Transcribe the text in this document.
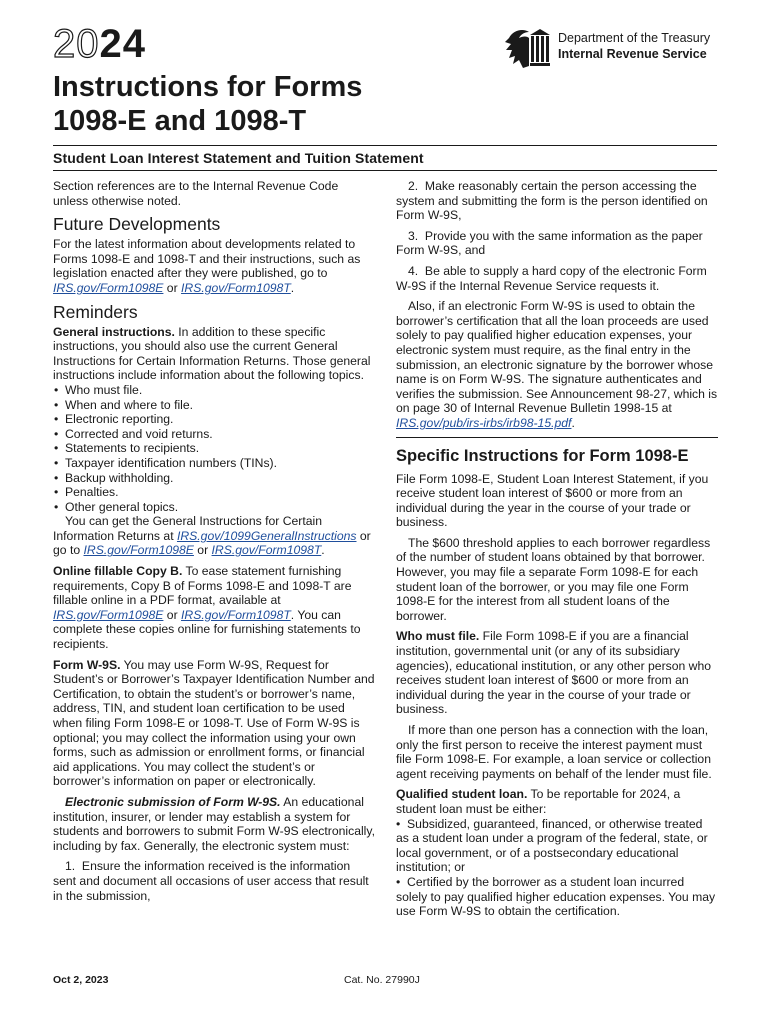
2024	Department of the Treasury
Internal Revenue Service
Instructions for Forms
1098-E and 1098-T
Student Loan Interest Statement and Tuition Statement

Section references are to the Internal Revenue Code unless otherwise noted.

Future Developments

For the latest information about developments related to Forms 1098-E and 1098-T and their instructions, such as legislation enacted after they were published, go to IRS.gov/Form1098E or IRS.gov/Form1098T.

Reminders

General instructions. In addition to these specific instructions, you should also use the current General Instructions for Certain Information Returns. Those general instructions include information about the following topics.

• Who must file.
• When and where to file.
• Electronic reporting.
• Corrected and void returns.
• Statements to recipients.
• Taxpayer identification numbers (TINs).
• Backup withholding.
• Penalties.
• Other general topics.

You can get the General Instructions for Certain Information Returns at IRS.gov/1099GeneralInstructions or go to IRS.gov/Form1098E or IRS.gov/Form1098T.

Online fillable Copy B. To ease statement furnishing requirements, Copy B of Forms 1098-E and 1098-T are fillable online in a PDF format, available at IRS.gov/Form1098E or IRS.gov/Form1098T. You can complete these copies online for furnishing statements to recipients.

Form W-9S. You may use Form W-9S, Request for Student’s or Borrower’s Taxpayer Identification Number and Certification, to obtain the student’s or borrower’s name, address, TIN, and student loan certification to be used when filing Form 1098-E or 1098-T. Use of Form W-9S is optional; you may collect the information using your own forms, such as admission or enrollment forms, or financial aid applications. You may collect the student’s or borrower’s information on paper or electronically.

Electronic submission of Form W-9S. An educational institution, insurer, or lender may establish a system for students and borrowers to submit Form W-9S electronically, including by fax. Generally, the electronic system must:

1.  Ensure the information received is the information sent and document all occasions of user access that result in the submission,

2.  Make reasonably certain the person accessing the system and submitting the form is the person identified on Form W-9S,

3.  Provide you with the same information as the paper Form W-9S, and

4.  Be able to supply a hard copy of the electronic Form W-9S if the Internal Revenue Service requests it.

Also, if an electronic Form W-9S is used to obtain the borrower’s certification that all the loan proceeds are used solely to pay qualified higher education expenses, your electronic system must require, as the final entry in the submission, an electronic signature by the borrower whose name is on Form W-9S. The signature authenticates and verifies the submission. See Announcement 98-27, which is on page 30 of Internal Revenue Bulletin 1998-15 at IRS.gov/pub/irs-irbs/irb98-15.pdf.

Specific Instructions for Form 1098-E

File Form 1098-E, Student Loan Interest Statement, if you receive student loan interest of $600 or more from an individual during the year in the course of your trade or business.

The $600 threshold applies to each borrower regardless of the number of student loans obtained by that borrower. However, you may file a separate Form 1098-E for each student loan of the borrower, or you may file one Form 1098-E for the interest from all student loans of the borrower.

Who must file. File Form 1098-E if you are a financial institution, governmental unit (or any of its subsidiary agencies), educational institution, or any other person who receives student loan interest of $600 or more from an individual during the year in the course of your trade or business.

If more than one person has a connection with the loan, only the first person to receive the interest payment must file Form 1098-E. For example, a loan service or collection agent receiving payments on behalf of the lender must file.

Qualified student loan. To be reportable for 2024, a student loan must be either:

•  Subsidized, guaranteed, financed, or otherwise treated as a student loan under a program of the federal, state, or local government, or of a postsecondary educational institution; or
•  Certified by the borrower as a student loan incurred solely to pay qualified higher education expenses. You may use Form W-9S to obtain the certification.
Oct 2, 2023	Cat. No. 27990J
